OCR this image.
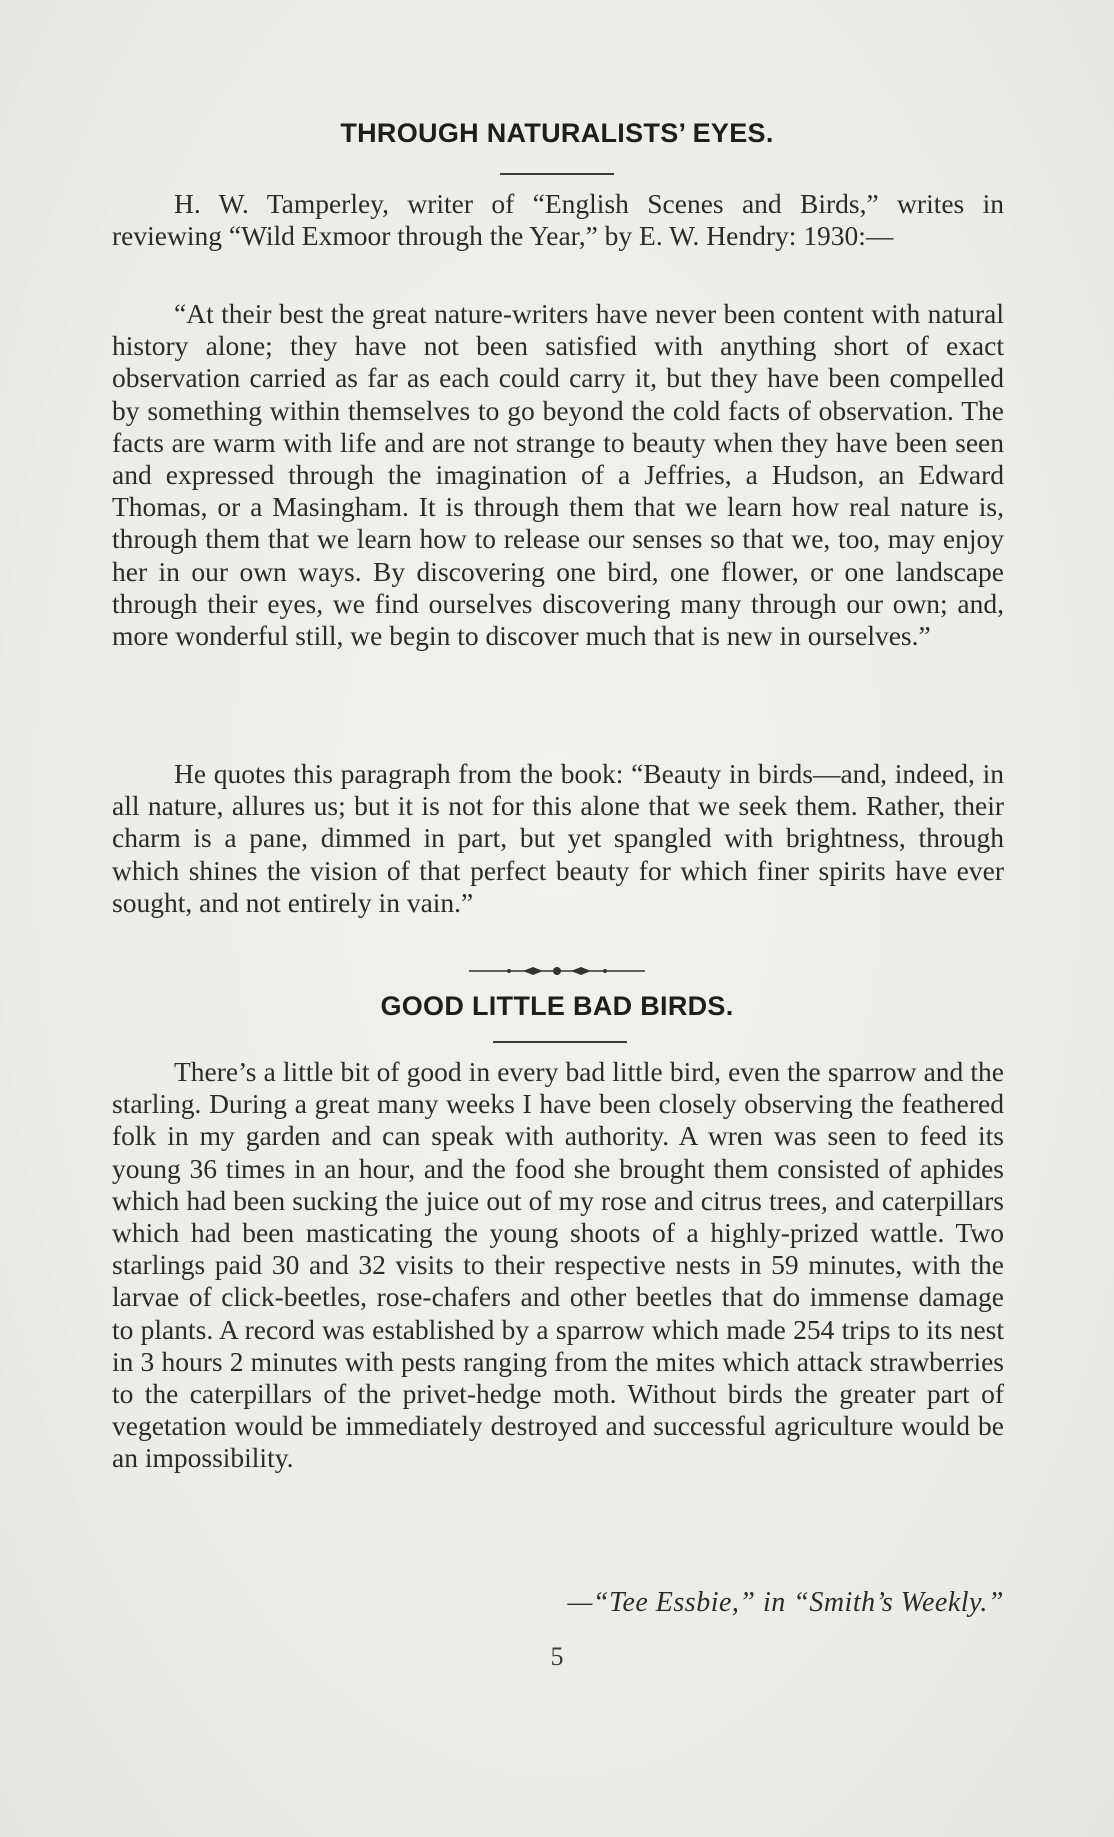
THROUGH NATURALISTS’ EYES.

H. W. Tamperley, writer of “English Scenes and Birds,” writes in reviewing “Wild Exmoor through the Year,” by E. W. Hendry: 1930:—

“At their best the great nature-writers have never been content with natural history alone; they have not been satisfied with anything short of exact observation carried as far as each could carry it, but they have been compelled by something within themselves to go beyond the cold facts of observation. The facts are warm with life and are not strange to beauty when they have been seen and expressed through the imagination of a Jeffries, a Hudson, an Edward Thomas, or a Masingham. It is through them that we learn how real nature is, through them that we learn how to release our senses so that we, too, may enjoy her in our own ways. By discovering one bird, one flower, or one landscape through their eyes, we find ourselves discovering many through our own; and, more wonderful still, we begin to discover much that is new in ourselves.”

He quotes this paragraph from the book: “Beauty in birds—and, indeed, in all nature, allures us; but it is not for this alone that we seek them. Rather, their charm is a pane, dimmed in part, but yet spangled with brightness, through which shines the vision of that perfect beauty for which finer spirits have ever sought, and not entirely in vain.”

GOOD LITTLE BAD BIRDS.

There’s a little bit of good in every bad little bird, even the sparrow and the starling. During a great many weeks I have been closely observing the feathered folk in my garden and can speak with authority. A wren was seen to feed its young 36 times in an hour, and the food she brought them consisted of aphides which had been sucking the juice out of my rose and citrus trees, and caterpillars which had been masticating the young shoots of a highly-prized wattle. Two starlings paid 30 and 32 visits to their respective nests in 59 minutes, with the larvae of click-beetles, rose-chafers and other beetles that do immense damage to plants. A record was established by a sparrow which made 254 trips to its nest in 3 hours 2 minutes with pests ranging from the mites which attack strawberries to the caterpillars of the privet-hedge moth. Without birds the greater part of vegetation would be immediately destroyed and successful agriculture would be an impossibility.

—“Tee Essbie,” in “Smith’s Weekly.”
5
